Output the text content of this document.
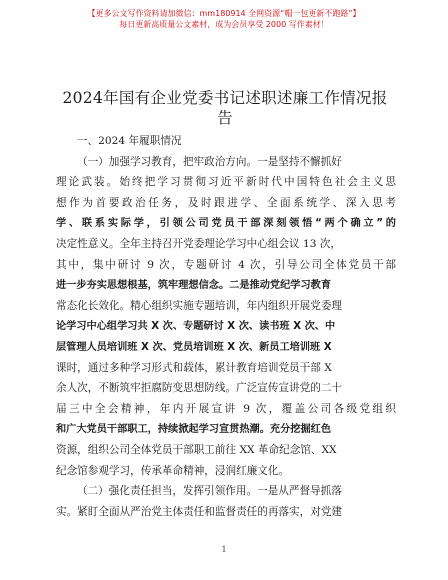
【更多公文写作资料请加微信：mm180914 全网资源“帽一包更新不跑路”】
每日更新高质量公文素材，成为会员享受 2000 写作素材！
2024年国有企业党委书记述职述廉工作情况报
告
一、2024 年履职情况
（一）加强学习教育，把牢政治方向。一是坚持不懈抓好
理论武装。始终把学习贯彻习近平新时代中国特色社会主义思
想作为首要政治任务，及时跟进学、全面系统学、深入思考
学、联系实际学，引领公司党员干部深刻领悟“两个确立”的
决定性意义。全年主持召开党委理论学习中心组会议 13 次，
其中，集中研讨 9 次，专题研讨 4 次，引导公司全体党员干部
进一步夯实思想根基，筑牢理想信念。二是推动党纪学习教育
常态化长效化。精心组织实施专题培训，年内组织开展党委理
论学习中心组学习共 X 次、专题研讨 X 次、读书班 X 次、中
层管理人员培训班 X 次、党员培训班 X 次、新员工培训班 X
课时，通过多种学习形式和载体，累计教育培训党员干部 X
余人次，不断筑牢拒腐防变思想防线。广泛宣传宣讲党的二十
届三中全会精神，年内开展宣讲 9 次，覆盖公司各级党组织
和广大党员干部职工，持续掀起学习宣贯热潮。充分挖掘红色
资源，组织公司全体党员干部职工前往 XX 革命纪念馆、XX
纪念馆参观学习，传承革命精神，浸润红廉文化。
（二）强化责任担当，发挥引领作用。一是从严督导抓落
实。紧盯全面从严治党主体责任和监督责任的再落实，对党建
1
